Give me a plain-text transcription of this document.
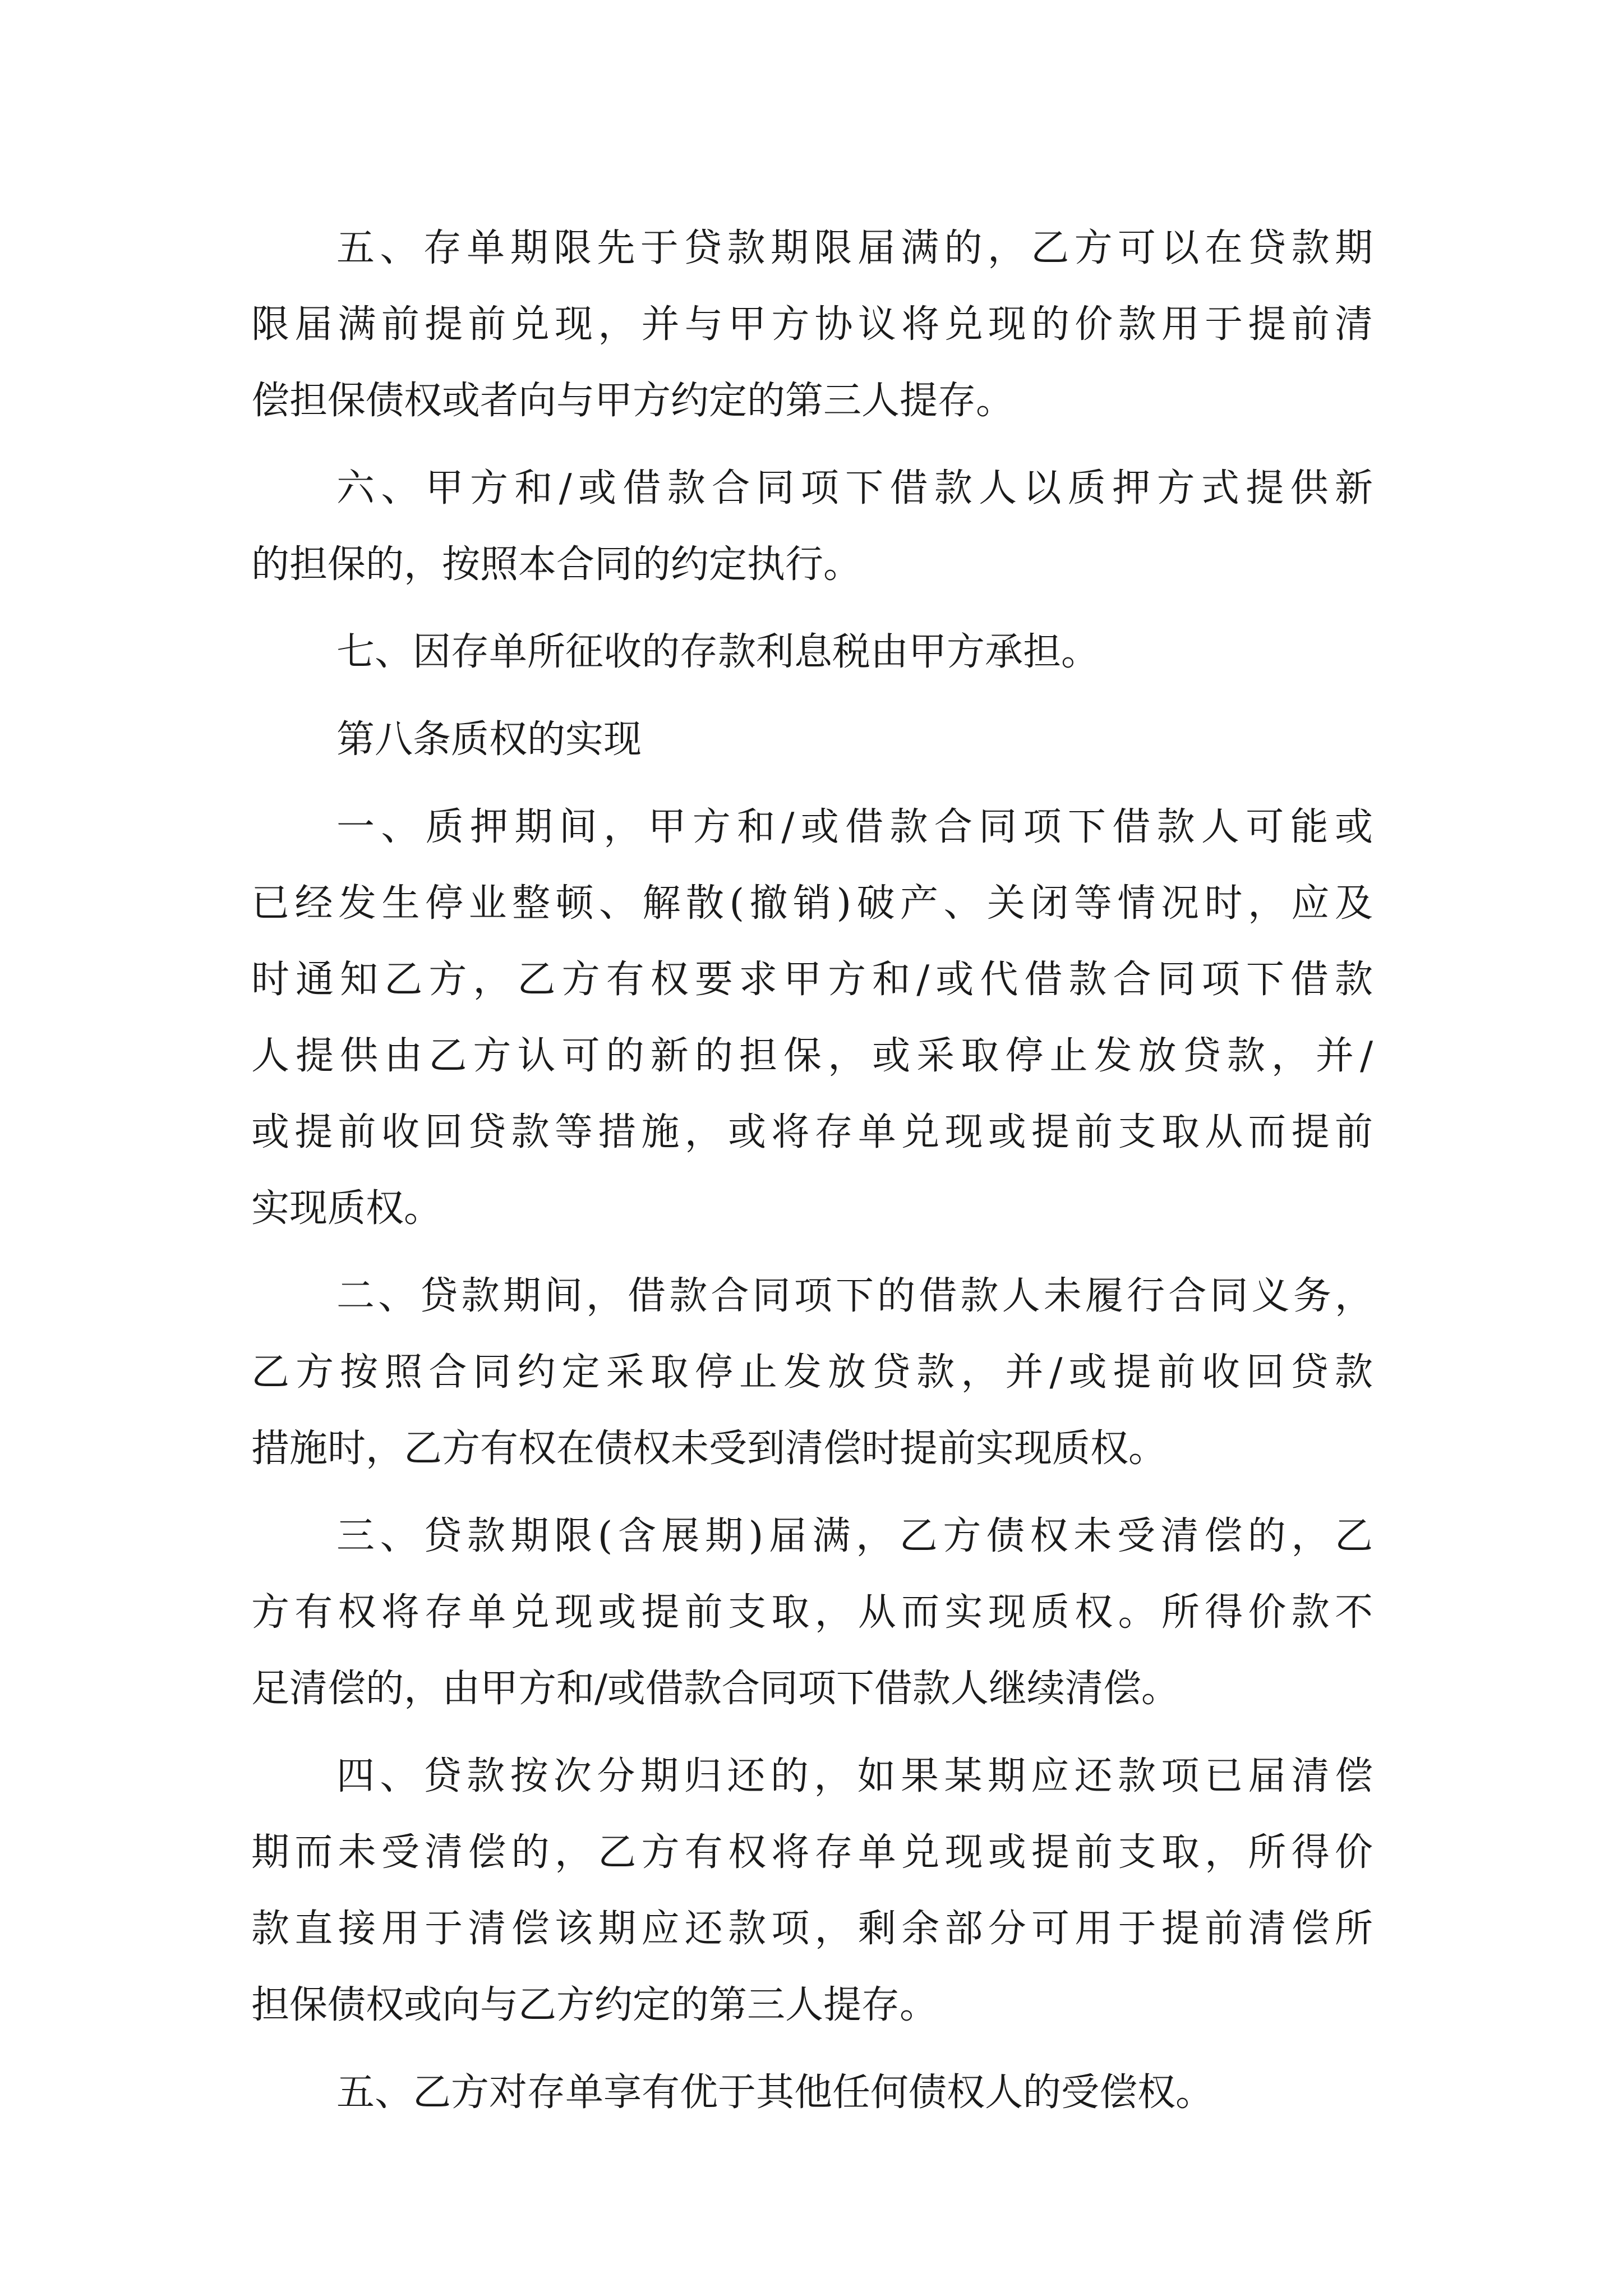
五、存单期限先于贷款期限届满的，乙方可以在贷款期
限届满前提前兑现，并与甲方协议将兑现的价款用于提前清
偿担保债权或者向与甲方约定的第三人提存。
六、甲方和/或借款合同项下借款人以质押方式提供新
的担保的，按照本合同的约定执行。
七、因存单所征收的存款利息税由甲方承担。
第八条质权的实现
一、质押期间，甲方和/或借款合同项下借款人可能或
已经发生停业整顿、解散(撤销)破产、关闭等情况时，应及
时通知乙方，乙方有权要求甲方和/或代借款合同项下借款
人提供由乙方认可的新的担保，或采取停止发放贷款，并/
或提前收回贷款等措施，或将存单兑现或提前支取从而提前
实现质权。
二、贷款期间，借款合同项下的借款人未履行合同义务，
乙方按照合同约定采取停止发放贷款，并/或提前收回贷款
措施时，乙方有权在债权未受到清偿时提前实现质权。
三、贷款期限(含展期)届满，乙方债权未受清偿的，乙
方有权将存单兑现或提前支取，从而实现质权。所得价款不
足清偿的，由甲方和/或借款合同项下借款人继续清偿。
四、贷款按次分期归还的，如果某期应还款项已届清偿
期而未受清偿的，乙方有权将存单兑现或提前支取，所得价
款直接用于清偿该期应还款项，剩余部分可用于提前清偿所
担保债权或向与乙方约定的第三人提存。
五、乙方对存单享有优于其他任何债权人的受偿权。
